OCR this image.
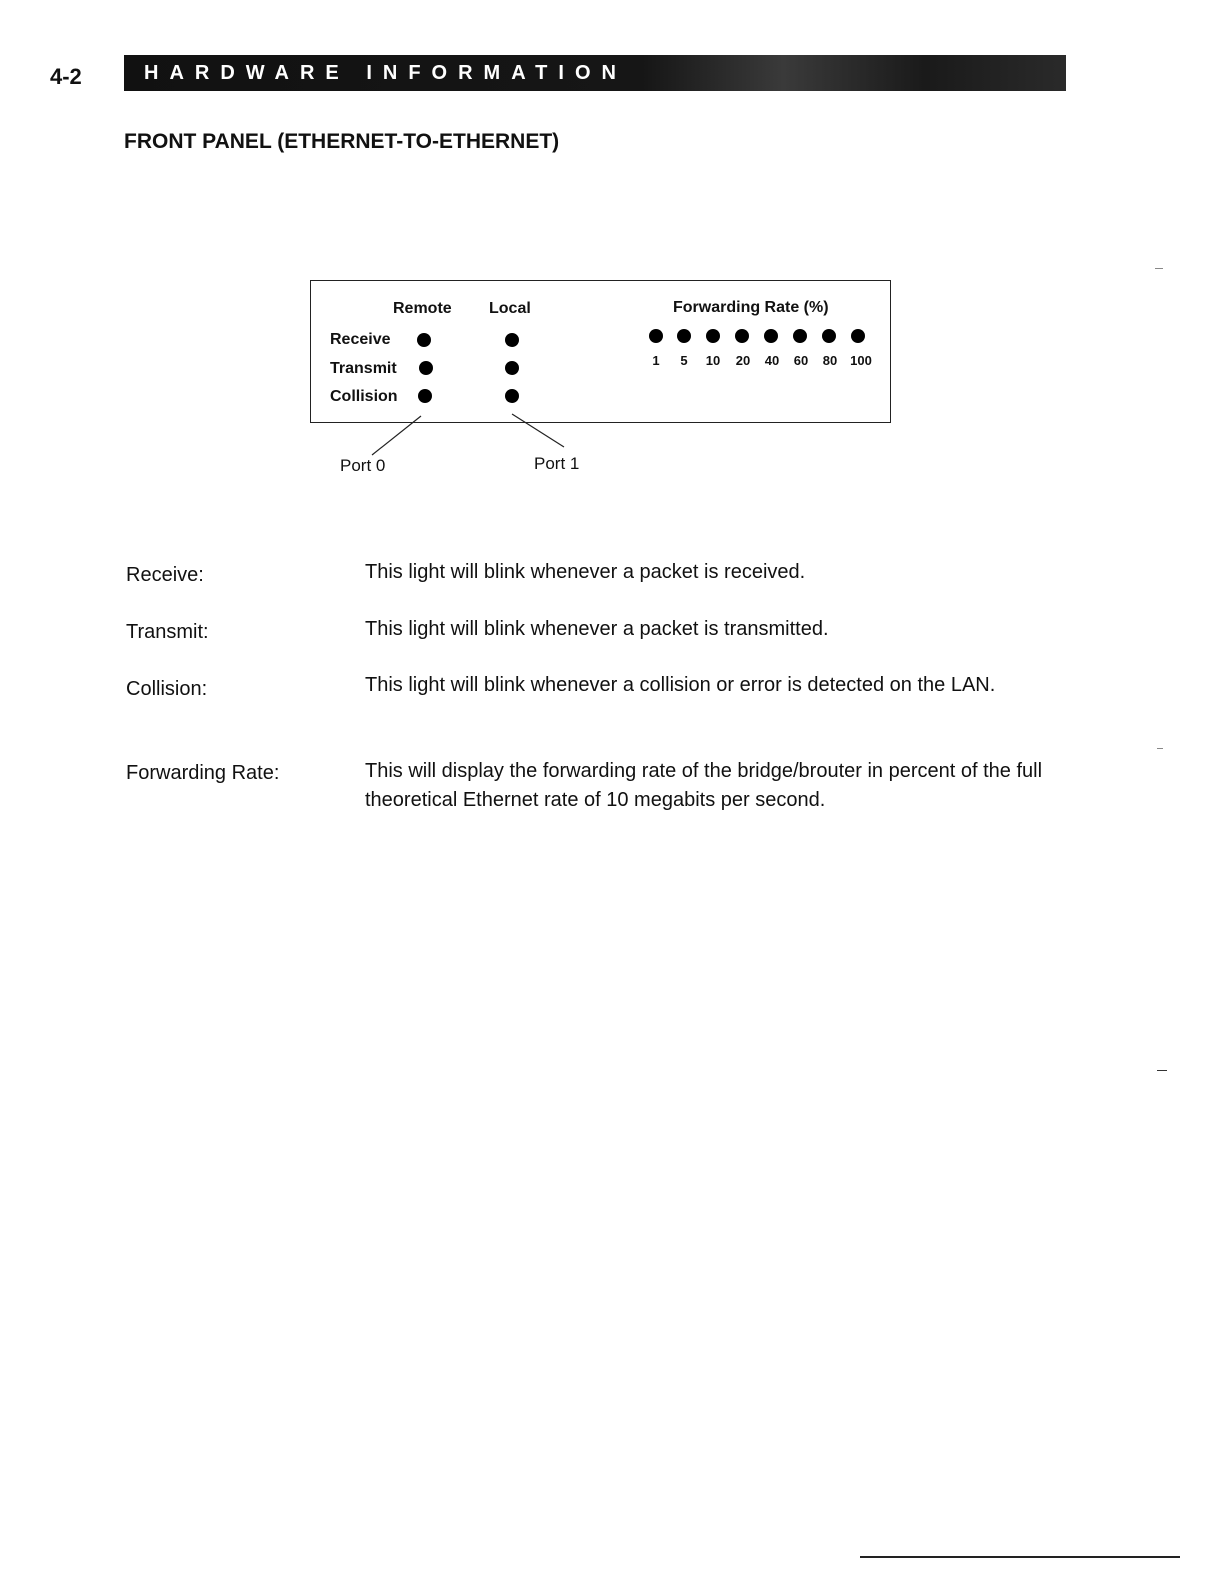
4-2	HARDWARE INFORMATION
FRONT PANEL (ETHERNET-TO-ETHERNET)
Remote Local	Forwarding Rate (%)
Receive
Transmit
Collision
1	5	10	20	40	60	80 100
Port 0	Port 1
Receive:	This light will blink whenever a packet is received.
Transmit:	This light will blink whenever a packet is transmitted.
Collision:	This light will blink whenever a collision or error is detected on the LAN.
Forwarding Rate:	This will display the forwarding rate of the bridge/brouter in percent of the full theoretical Ethernet rate of 10 megabits per second.
